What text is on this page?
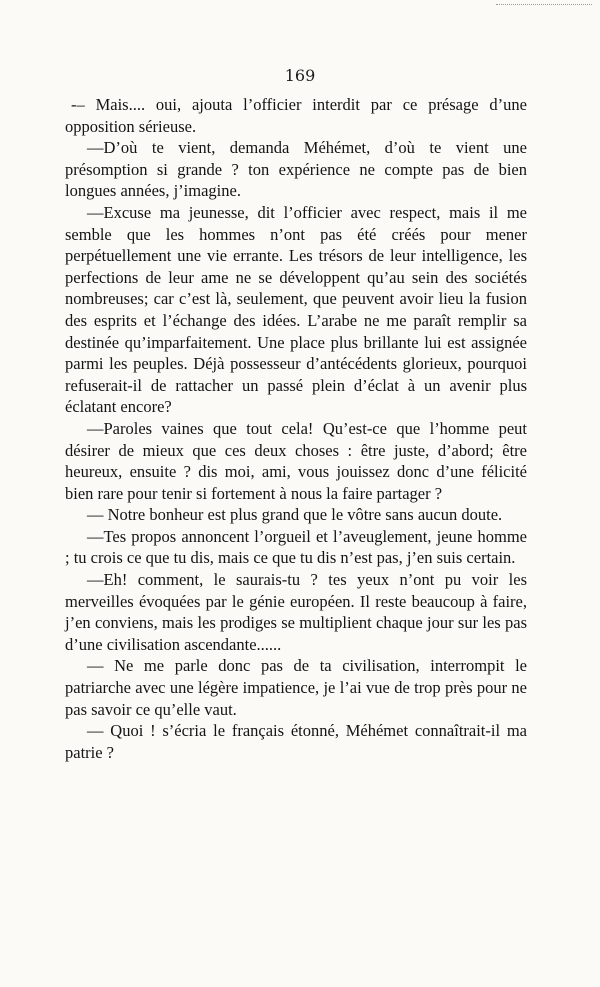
169

-– Mais.... oui, ajouta l’officier interdit par ce présage d’une opposition sérieuse.

—D’où te vient, demanda Méhémet, d’où te vient une présomption si grande ? ton expérience ne compte pas de bien longues années, j’imagine.

—Excuse ma jeunesse, dit l’officier avec respect, mais il me semble que les hommes n’ont pas été créés pour mener perpétuellement une vie errante. Les trésors de leur intelligence, les perfections de leur ame ne se développent qu’au sein des sociétés nombreuses; car c’est là, seulement, que peuvent avoir lieu la fusion des esprits et l’échange des idées. L’arabe ne me paraît remplir sa destinée qu’imparfaitement. Une place plus brillante lui est assignée parmi les peuples. Déjà possesseur d’antécédents glorieux, pourquoi refuserait-il de rattacher un passé plein d’éclat à un avenir plus éclatant encore?

—Paroles vaines que tout cela! Qu’est-ce que l’homme peut désirer de mieux que ces deux choses : être juste, d’abord; être heureux, ensuite ? dis moi, ami, vous jouissez donc d’une félicité bien rare pour tenir si fortement à nous la faire partager ?

— Notre bonheur est plus grand que le vôtre sans aucun doute.

—Tes propos annoncent l’orgueil et l’aveuglement, jeune homme ; tu crois ce que tu dis, mais ce que tu dis n’est pas, j’en suis certain.

—Eh! comment, le saurais-tu ? tes yeux n’ont pu voir les merveilles évoquées par le génie européen. Il reste beaucoup à faire, j’en conviens, mais les prodiges se multiplient chaque jour sur les pas d’une civilisation ascendante......

— Ne me parle donc pas de ta civilisation, interrompit le patriarche avec une légère impatience, je l’ai vue de trop près pour ne pas savoir ce qu’elle vaut.

— Quoi ! s’écria le français étonné, Méhémet connaîtrait-il ma patrie ?
